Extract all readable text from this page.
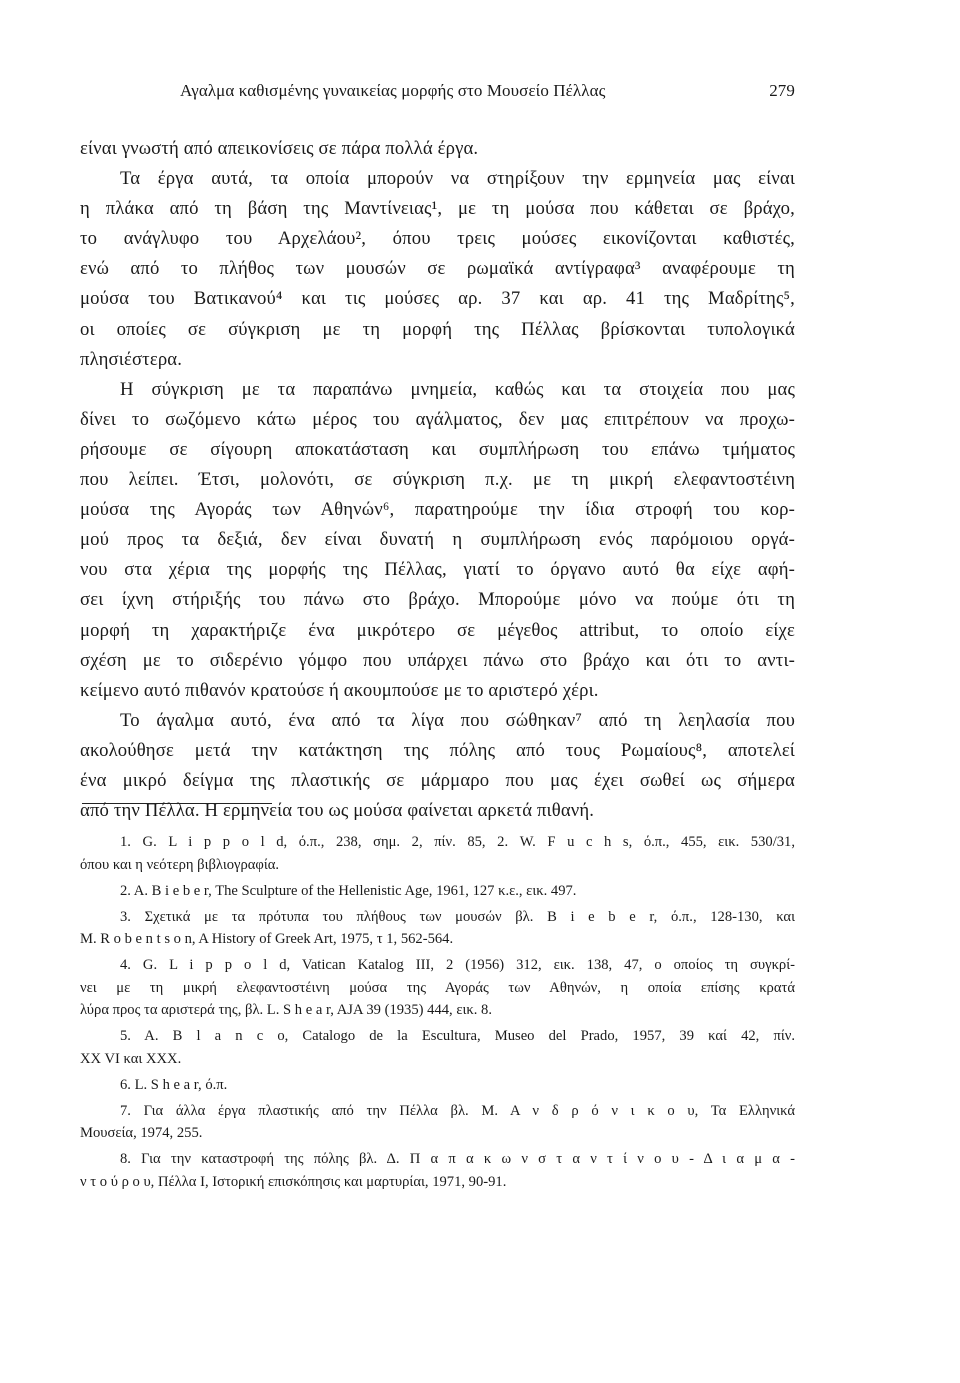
Αγαλμα καθισμένης γυναικείας μορφής στο Μουσείο Πέλλας	279
είναι γνωστή από απεικονίσεις σε πάρα πολλά έργα.
Τα έργα αυτά, τα οποία μπορούν να στηρίξουν την ερμηνεία μας είναι
η πλάκα από τη βάση της Μαντίνειας¹, με τη μούσα που κάθεται σε βράχο,
το ανάγλυφο του Αρχελάου², όπου τρεις μούσες εικονίζονται καθιστές,
ενώ από το πλήθος των μουσών σε ρωμαϊκά αντίγραφα³ αναφέρουμε τη
μούσα του Βατικανού⁴ και τις μούσες αρ. 37 και αρ. 41 της Μαδρίτης⁵,
οι οποίες σε σύγκριση με τη μορφή της Πέλλας βρίσκονται τυπολογικά
πλησιέστερα.
Η σύγκριση με τα παραπάνω μνημεία, καθώς και τα στοιχεία που μας
δίνει το σωζόμενο κάτω μέρος του αγάλματος, δεν μας επιτρέπουν να προχω-
ρήσουμε σε σίγουρη αποκατάσταση και συμπλήρωση του επάνω τμήματος
που λείπει. Έτσι, μολονότι, σε σύγκριση π.χ. με τη μικρή ελεφαντοστέινη
μούσα της Αγοράς των Αθηνών⁶, παρατηρούμε την ίδια στροφή του κορ-
μού προς τα δεξιά, δεν είναι δυνατή η συμπλήρωση ενός παρόμοιου οργά-
νου στα χέρια της μορφής της Πέλλας, γιατί το όργανο αυτό θα είχε αφή-
σει ίχνη στήριξής του πάνω στο βράχο. Μπορούμε μόνο να πούμε ότι τη
μορφή τη χαρακτήριζε ένα μικρότερο σε μέγεθος attribut, το οποίο είχε
σχέση με το σιδερένιο γόμφο που υπάρχει πάνω στο βράχο και ότι το αντι-
κείμενο αυτό πιθανόν κρατούσε ή ακουμπούσε με το αριστερό χέρι.
Το άγαλμα αυτό, ένα από τα λίγα που σώθηκαν⁷ από τη λεηλασία που
ακολούθησε μετά την κατάκτηση της πόλης από τους Ρωμαίους⁸, αποτελεί
ένα μικρό δείγμα της πλαστικής σε μάρμαρο που μας έχει σωθεί ως σήμερα
από την Πέλλα. Η ερμηνεία του ως μούσα φαίνεται αρκετά πιθανή.
1. G. L i p p o l d, ό.π., 238, σημ. 2, πίν. 85, 2. W. F u c h s, ό.π., 455, εικ. 530/31,
όπου και η νεότερη βιβλιογραφία.
2. A. B i e b e r, The Sculpture of the Hellenistic Age, 1961, 127 κ.ε., εικ. 497.
3. Σχετικά με τα πρότυπα του πλήθους των μουσών βλ. B i e b e r, ό.π., 128-130, και
M. R o b e n t s o n, A History of Greek Art, 1975, τ 1, 562-564.
4. G. L i p p o l d, Vatican Katalog III, 2 (1956) 312, εικ. 138, 47, ο οποίος τη συγκρί-
νει με τη μικρή ελεφαντοστέινη μούσα της Αγοράς των Αθηνών, η οποία επίσης κρατά
λύρα προς τα αριστερά της, βλ. L. S h e a r, AJA 39 (1935) 444, εικ. 8.
5. A. B l a n c o, Catalogo de la Escultura, Museo del Prado, 1957, 39 καί 42, πίν.
XX VI και XXX.
6. L. S h e a r, ό.π.
7. Για άλλα έργα πλαστικής από την Πέλλα βλ. M. A ν δ ρ ό ν ι κ ο υ, Τα Ελληνικά
Μουσεία, 1974, 255.
8. Για την καταστροφή της πόλης βλ. Δ. Π α π α κ ω ν σ τ α ν τ ί ν ο υ - Δ ι α μ α -
ν τ ο ύ ρ ο υ, Πέλλα Ι, Ιστορική επισκόπησις και μαρτυρίαι, 1971, 90-91.
